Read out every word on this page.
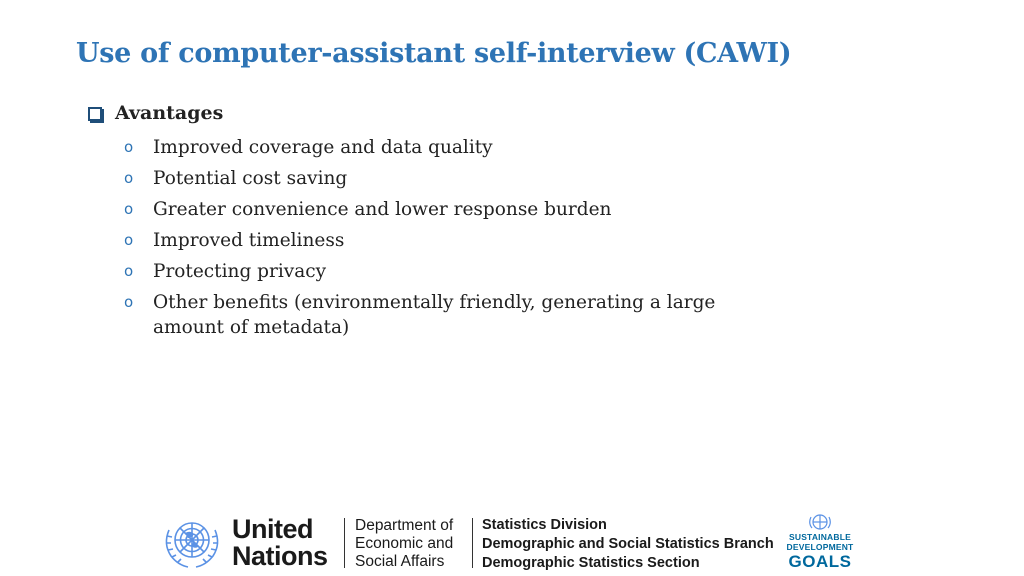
Use of computer-assistant self-interview (CAWI)
Avantages
o	Improved coverage and data quality
o	Potential cost saving
o	Greater convenience and lower response burden
o	Improved timeliness
o	Protecting privacy
o	Other benefits (environmentally friendly, generating a large amount of metadata)
United
Nations
Department of
Economic and
Social Affairs
Statistics Division
Demographic and Social Statistics Branch
Demographic Statistics Section
SUSTAINABLE
DEVELOPMENT
GOALS
